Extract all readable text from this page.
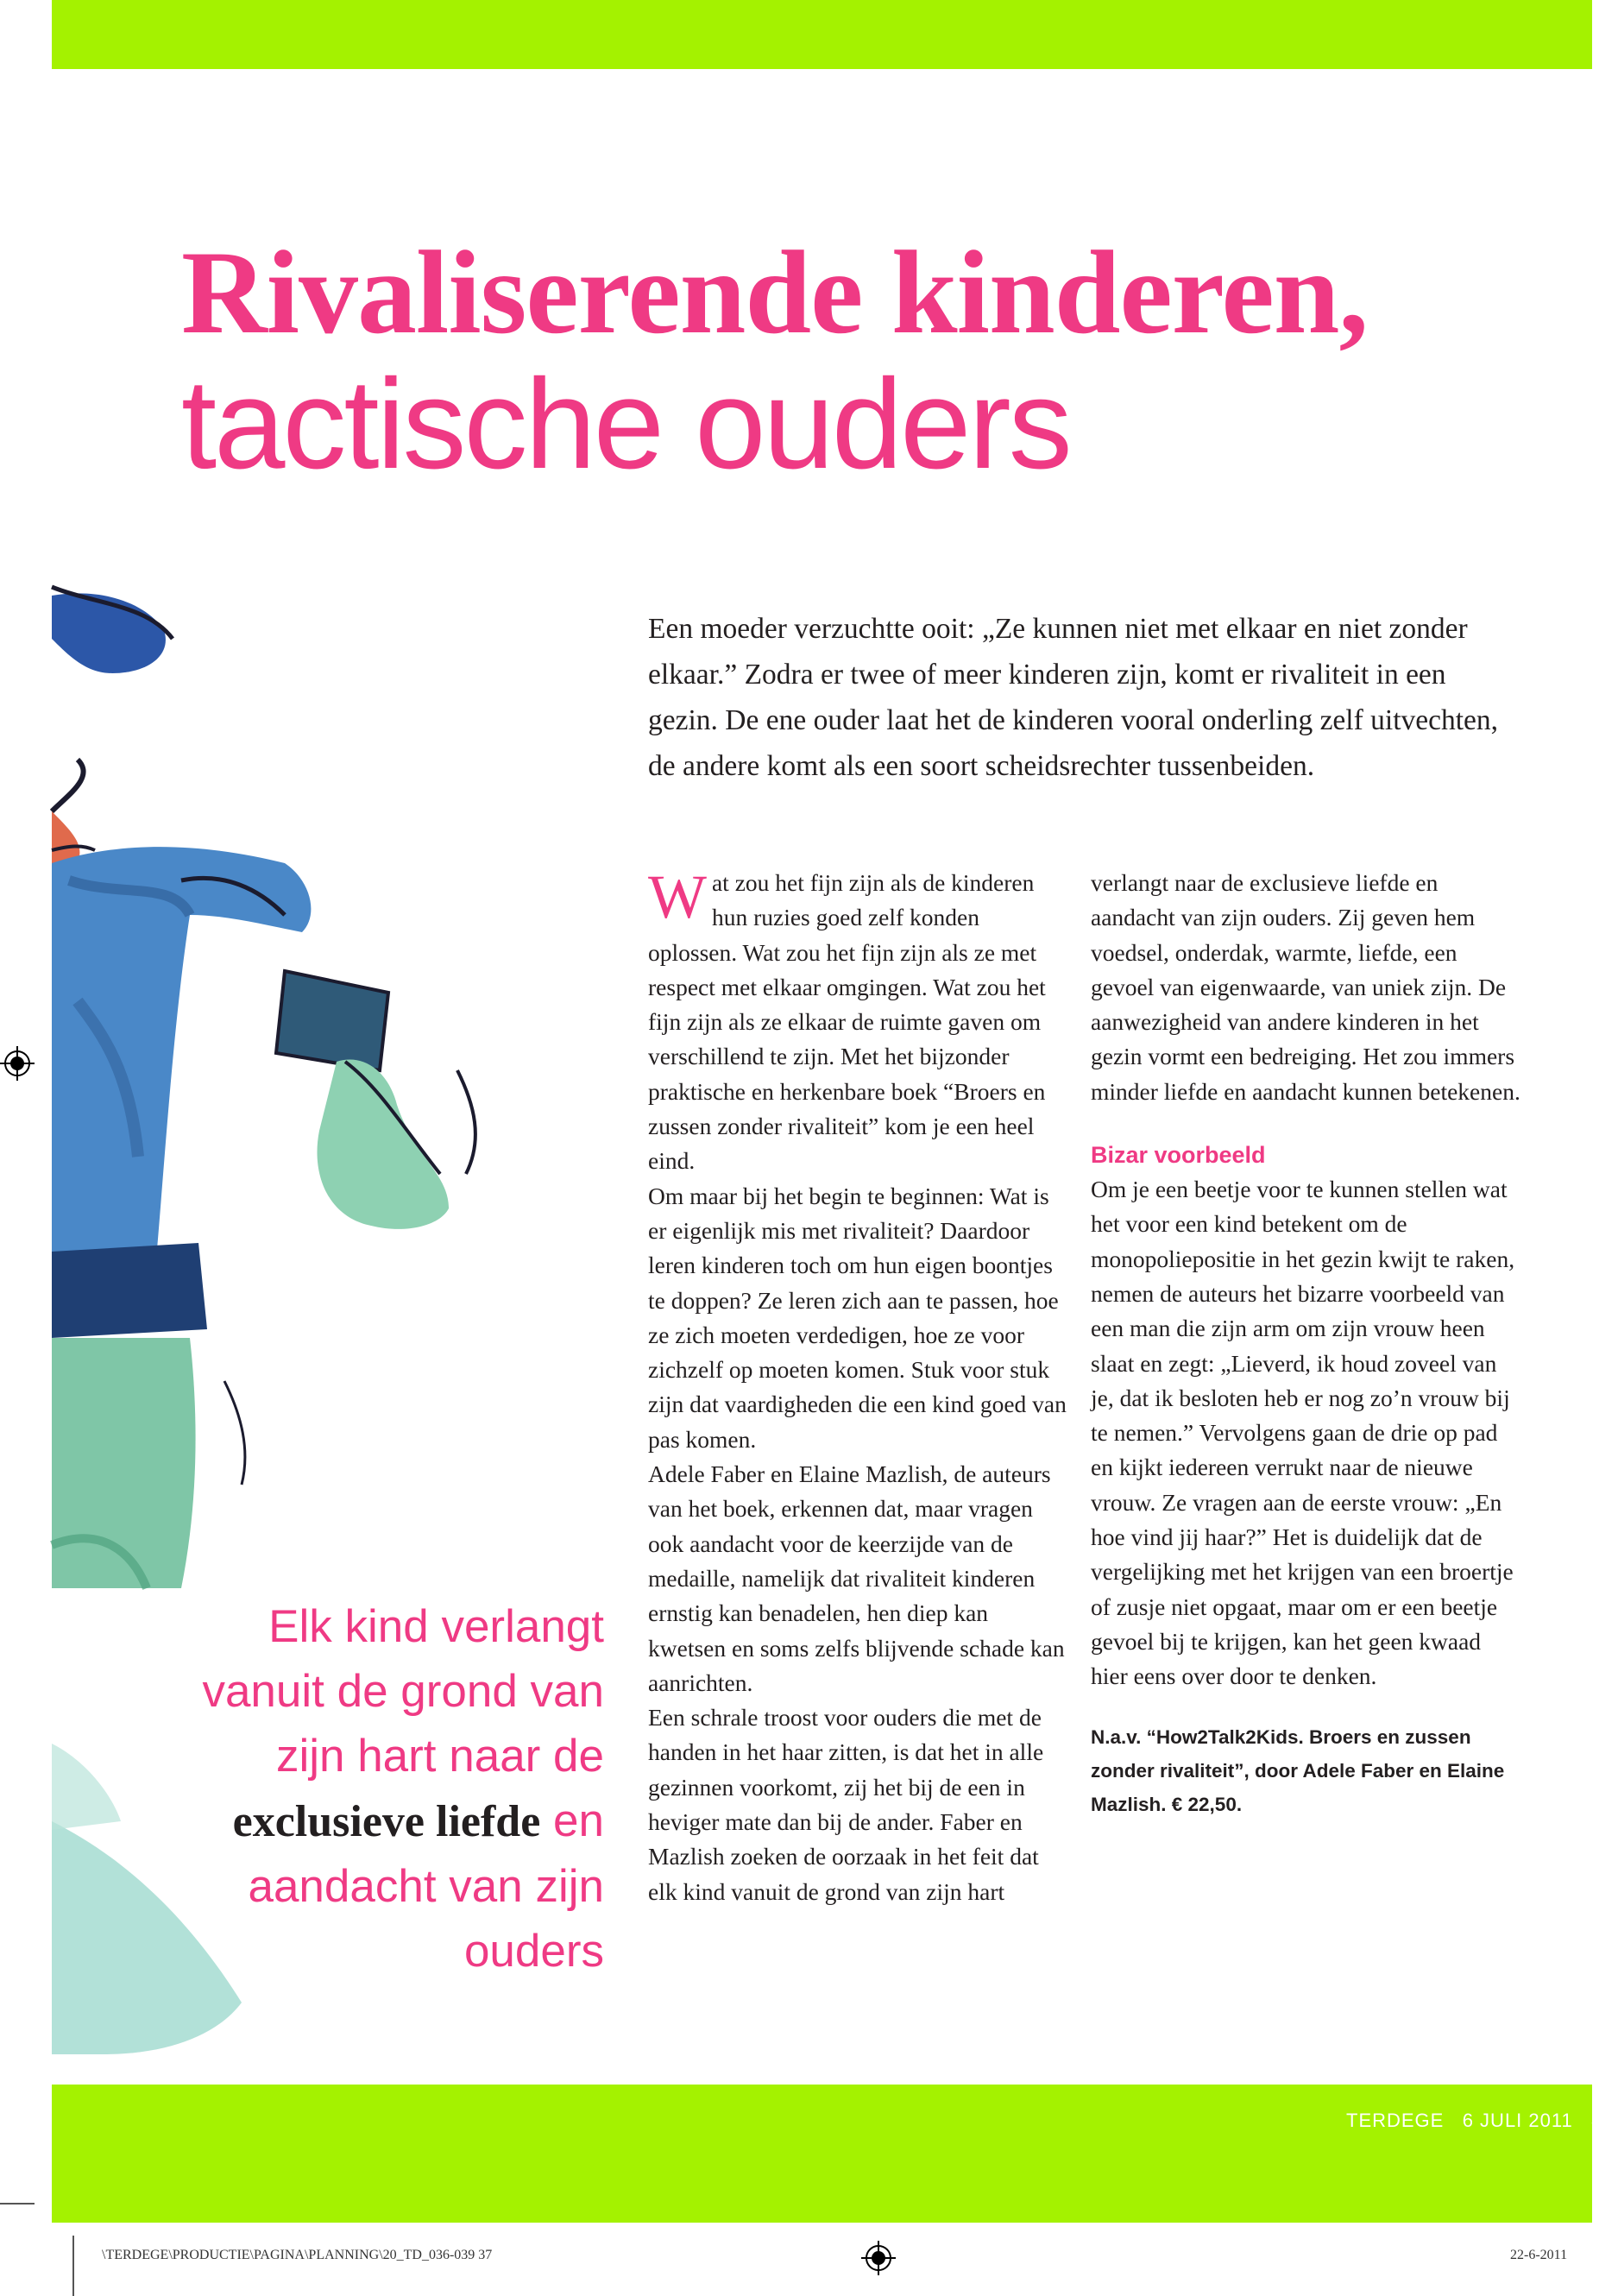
Rivaliserende kinderen,
tactische ouders

Een moeder verzuchtte ooit: „Ze kunnen niet met elkaar en niet zonder elkaar.” Zodra er twee of meer kinderen zijn, komt er rivaliteit in een gezin. De ene ouder laat het de kinderen vooral onderling zelf uitvechten, de andere komt als een soort scheidsrechter tussenbeiden.

Wat zou het fijn zijn als de kinderen hun ruzies goed zelf konden oplossen. Wat zou het fijn zijn als ze met respect met elkaar omgingen. Wat zou het fijn zijn als ze elkaar de ruimte gaven om verschillend te zijn. Met het bijzonder praktische en herkenbare boek “Broers en zussen zonder rivaliteit” kom je een heel eind.

Om maar bij het begin te beginnen: Wat is er eigenlijk mis met rivaliteit? Daardoor leren kinderen toch om hun eigen boontjes te doppen? Ze leren zich aan te passen, hoe ze zich moeten verdedigen, hoe ze voor zichzelf op moeten komen. Stuk voor stuk zijn dat vaardigheden die een kind goed van pas komen.

Adele Faber en Elaine Mazlish, de auteurs van het boek, erkennen dat, maar vragen ook aandacht voor de keerzijde van de medaille, namelijk dat rivaliteit kinderen ernstig kan benadelen, hen diep kan kwetsen en soms zelfs blijvende schade kan aanrichten.

Een schrale troost voor ouders die met de handen in het haar zitten, is dat het in alle gezinnen voorkomt, zij het bij de een in heviger mate dan bij de ander. Faber en Mazlish zoeken de oorzaak in het feit dat elk kind vanuit de grond van zijn hart

verlangt naar de exclusieve liefde en aandacht van zijn ouders. Zij geven hem voedsel, onderdak, warmte, liefde, een gevoel van eigenwaarde, van uniek zijn. De aanwezigheid van andere kinderen in het gezin vormt een bedreiging. Het zou immers minder liefde en aandacht kunnen betekenen.

Bizar voorbeeld

Om je een beetje voor te kunnen stellen wat het voor een kind betekent om de monopoliepositie in het gezin kwijt te raken, nemen de auteurs het bizarre voorbeeld van een man die zijn arm om zijn vrouw heen slaat en zegt: „Lieverd, ik houd zoveel van je, dat ik besloten heb er nog zo’n vrouw bij te nemen.” Vervolgens gaan de drie op pad en kijkt iedereen verrukt naar de nieuwe vrouw. Ze vragen aan de eerste vrouw: „En hoe vind jij haar?” Het is duidelijk dat de vergelijking met het krijgen van een broertje of zusje niet opgaat, maar om er een beetje gevoel bij te krijgen, kan het geen kwaad hier eens over door te denken.

N.a.v. “How2Talk2Kids. Broers en zussen zonder rivaliteit”, door Adele Faber en Elaine Mazlish. € 22,50.

Elk kind verlangt vanuit de grond van zijn hart naar de exclusieve liefde en aandacht van zijn ouders
TERDEGE 6 JULI 2011 37
\TERDEGE\PRODUCTIE\PAGINA\PLANNING\20_TD_036-039 37	22-6-2011
